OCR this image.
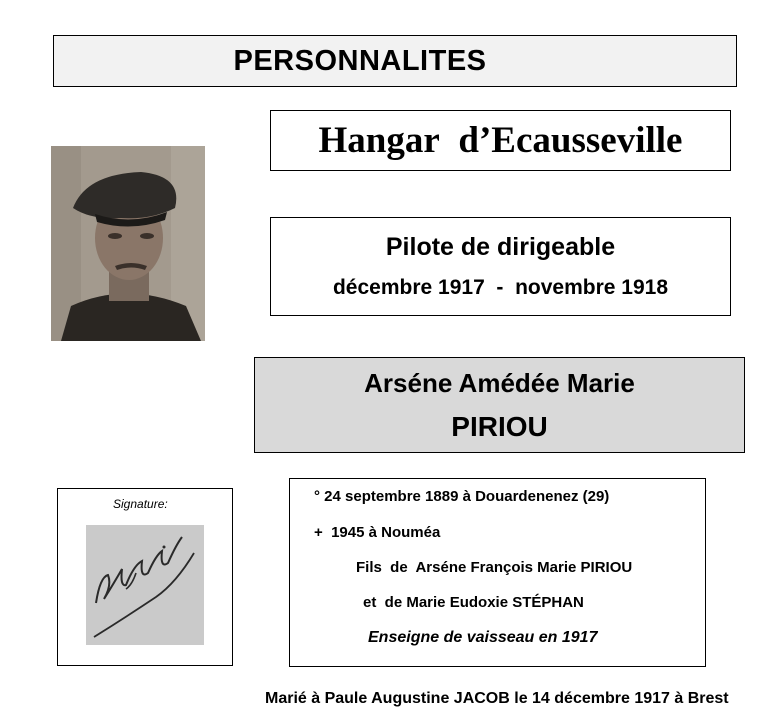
PERSONNALITES
Hangar d’Ecausseville
Pilote de dirigeable
décembre 1917  -  novembre 1918
Arséne Amédée Marie
PIRIOU
Signature:	° 24 septembre 1889 à Douardenenez (29)
+  1945 à Nouméa
Fils  de  Arséne François Marie PIRIOU
et  de Marie Eudoxie STÉPHAN
Enseigne de vaisseau en 1917
Marié à Paule Augustine JACOB le 14 décembre 1917 à Brest
